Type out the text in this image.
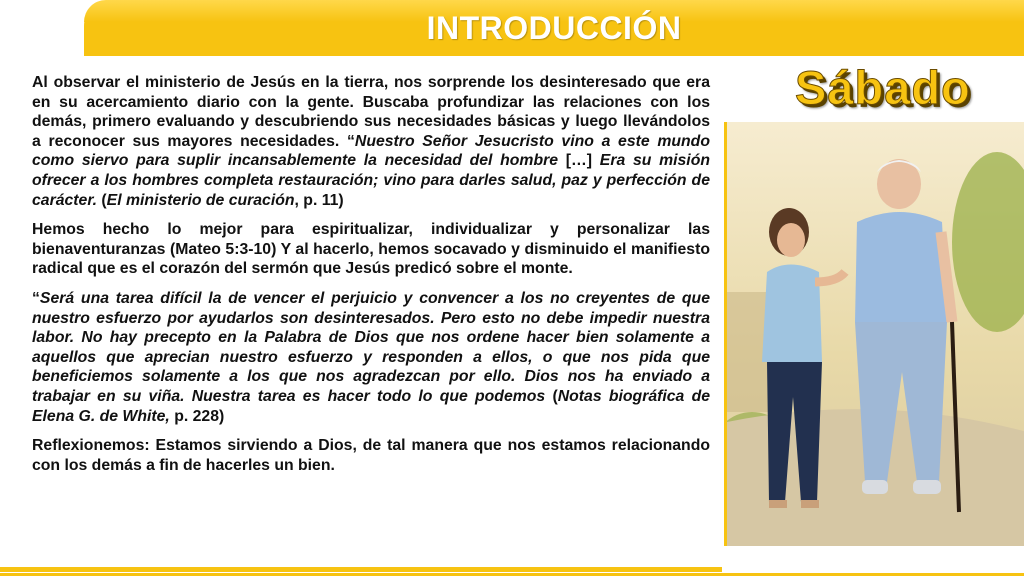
INTRODUCCIÓN

Al observar el ministerio de Jesús en la tierra, nos sorprende los desinteresado que era en su acercamiento diario con la gente. Buscaba profundizar las relaciones con los demás, primero evaluando y descubriendo sus necesidades básicas y luego llevándolos a reconocer sus mayores necesidades. “Nuestro Señor Jesucristo vino a este mundo como siervo para suplir incansablemente la necesidad del hombre […] Era su misión ofrecer a los hombres completa restauración; vino para darles salud, paz y perfección de carácter. (El ministerio de curación, p. 11)

Hemos hecho lo mejor para espiritualizar, individualizar y personalizar las bienaventuranzas (Mateo 5:3-10) Y al hacerlo, hemos socavado y disminuido el manifiesto radical que es el corazón del sermón que Jesús predicó sobre el monte.

“Será una tarea difícil la de vencer el perjuicio y convencer a los no creyentes de que nuestro esfuerzo por ayudarlos son desinteresados. Pero esto no debe impedir nuestra labor. No hay precepto en la Palabra de Dios que nos ordene hacer bien solamente a aquellos que aprecian nuestro esfuerzo y responden a ellos, o que nos pida que beneficiemos solamente a los que nos agradezcan por ello. Dios nos ha enviado a trabajar en su viña. Nuestra tarea es hacer todo lo que podemos (Notas biográfica de Elena G. de White, p. 228)

Reflexionemos: Estamos sirviendo a Dios, de tal manera que nos estamos relacionando con los demás a fin de hacerles un bien.

Sábado
